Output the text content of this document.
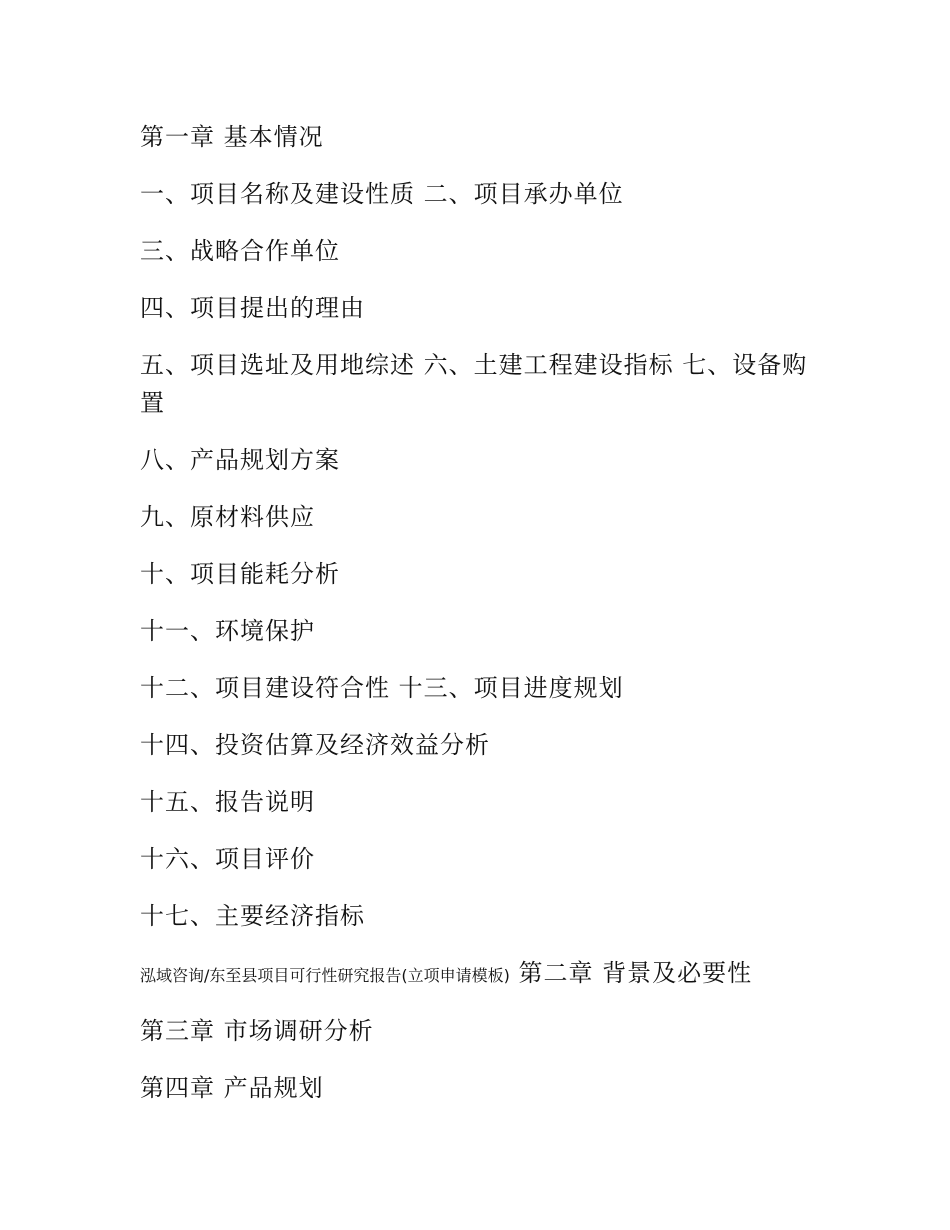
第一章 基本情况
一、项目名称及建设性质 二、项目承办单位
三、战略合作单位
四、项目提出的理由
五、项目选址及用地综述 六、土建工程建设指标 七、设备购置
八、产品规划方案
九、原材料供应
十、项目能耗分析
十一、环境保护
十二、项目建设符合性 十三、项目进度规划
十四、投资估算及经济效益分析
十五、报告说明
十六、项目评价
十七、主要经济指标
泓域咨询/东至县项目可行性研究报告(立项申请模板) 第二章 背景及必要性
第三章 市场调研分析
第四章 产品规划
